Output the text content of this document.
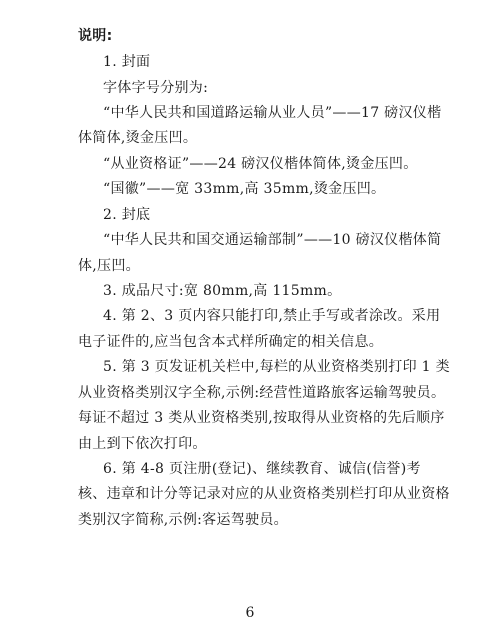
说明:
1. 封面
字体字号分别为:
“中华人民共和国道路运输从业人员”——17 磅汉仪楷
体简体,烫金压凹。
“从业资格证”——24 磅汉仪楷体简体,烫金压凹。
“国徽”——宽 33mm,高 35mm,烫金压凹。
2. 封底
“中华人民共和国交通运输部制”——10 磅汉仪楷体简
体,压凹。
3. 成品尺寸:宽 80mm,高 115mm。
4. 第 2、3 页内容只能打印,禁止手写或者涂改。采用
电子证件的,应当包含本式样所确定的相关信息。
5. 第 3 页发证机关栏中,每栏的从业资格类别打印 1 类
从业资格类别汉字全称,示例:经营性道路旅客运输驾驶员。
每证不超过 3 类从业资格类别,按取得从业资格的先后顺序
由上到下依次打印。
6. 第 4-8 页注册(登记)、继续教育、诚信(信誉)考
核、违章和计分等记录对应的从业资格类别栏打印从业资格
类别汉字简称,示例:客运驾驶员。
6
